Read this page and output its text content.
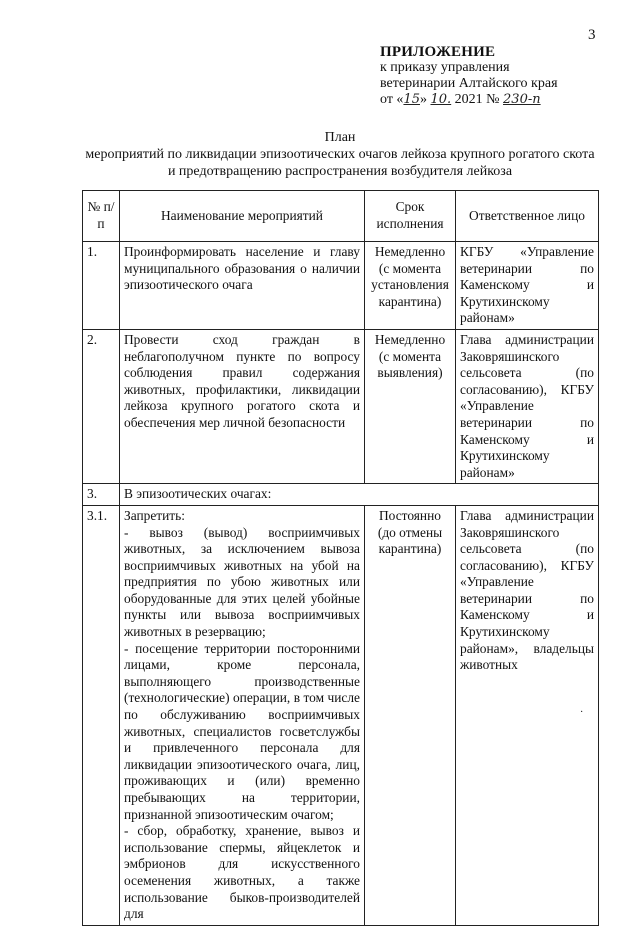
3
ПРИЛОЖЕНИЕ
к приказу управления
ветеринарии Алтайского края
от «15» 10. 2021 № 230-п
План
мероприятий по ликвидации эпизоотических очагов лейкоза крупного рогатого скота
и предотвращению распространения возбудителя лейкоза
№ п/п	Наименование мероприятий	Срок исполнения	Ответственное лицо
1.	Проинформировать население и главу муниципального образования о наличии эпизоотического очага	Немедленно (с момента установления карантина)	КГБУ «Управление ветеринарии по Каменскому и Крутихинскому районам»
2.	Провести сход граждан в неблагополучном пункте по вопросу соблюдения правил содержания животных, профилактики, ликвидации лейкоза крупного рогатого скота и обеспечения мер личной безопасности	Немедленно (с момента выявления)	Глава администрации Заковряшинского сельсовета (по согласованию), КГБУ «Управление ветеринарии по Каменскому и Крутихинскому районам»
3.	В эпизоотических очагах:		
3.1.	Запретить:
- вывоз (вывод) восприимчивых животных, за исключением вывоза восприимчивых животных на убой на предприятия по убою животных или оборудованные для этих целей убойные пункты или вывоза восприимчивых животных в резервацию;
- посещение территории посторонними лицами, кроме персонала, выполняющего производственные (технологические) операции, в том числе по обслуживанию восприимчивых животных, специалистов госветслужбы и привлеченного персонала для ликвидации эпизоотического очага, лиц, проживающих и (или) временно пребывающих на территории, признанной эпизоотическим очагом;
- сбор, обработку, хранение, вывоз и использование спермы, яйцеклеток и эмбрионов для искусственного осеменения животных, а также использование быков-производителей для	Постоянно (до отмены карантина)	Глава администрации Заковряшинского сельсовета (по согласованию), КГБУ «Управление ветеринарии по Каменскому и Крутихинскому районам», владельцы животных
·
